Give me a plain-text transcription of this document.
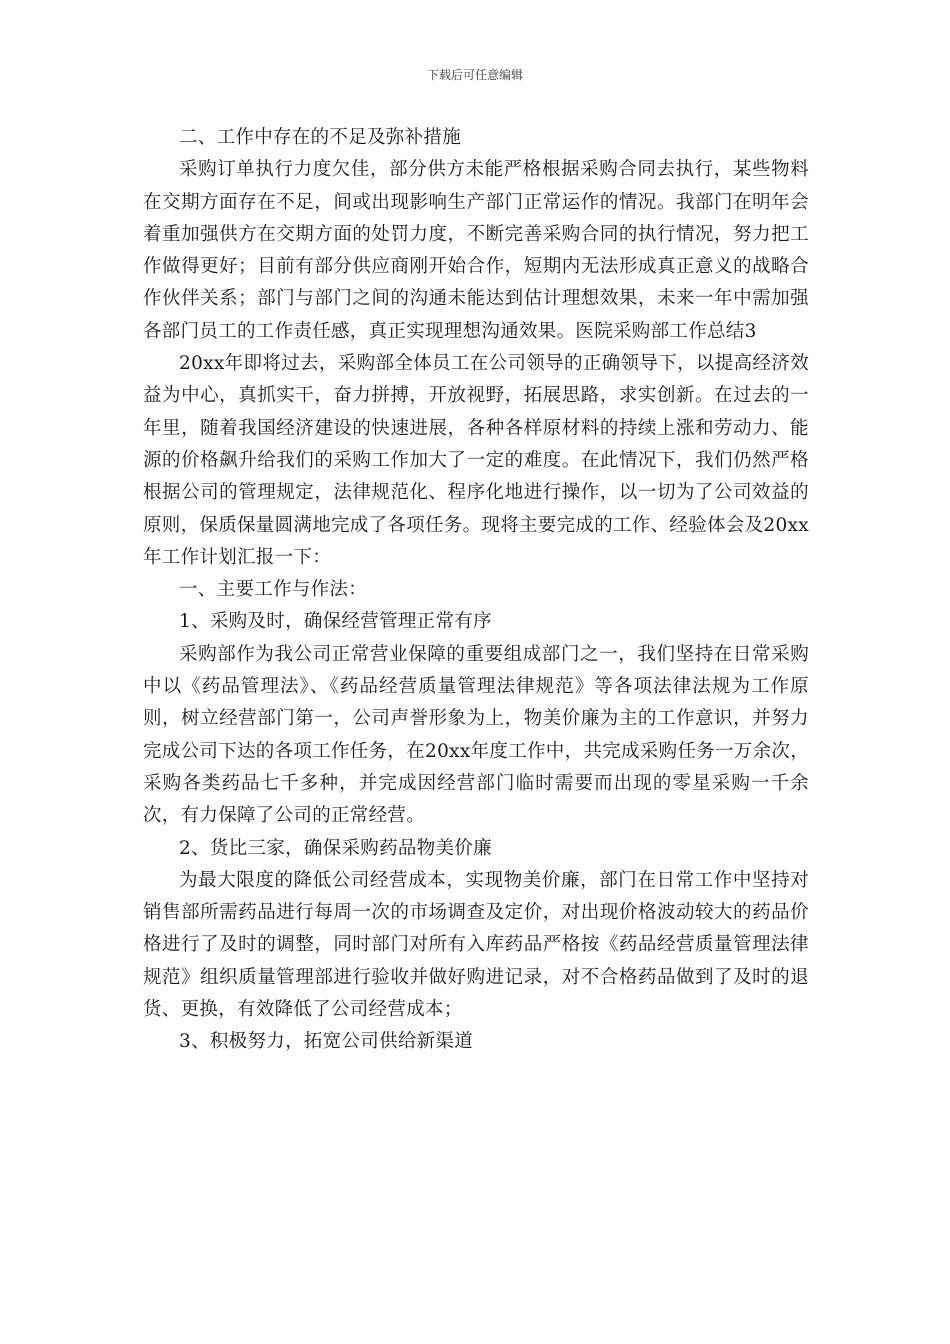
下载后可任意编辑

二、工作中存在的不足及弥补措施

采购订单执行力度欠佳，部分供方未能严格根据采购合同去执行，某些物料在交期方面存在不足，间或出现影响生产部门正常运作的情况。我部门在明年会着重加强供方在交期方面的处罚力度，不断完善采购合同的执行情况，努力把工作做得更好；目前有部分供应商刚开始合作，短期内无法形成真正意义的战略合作伙伴关系；部门与部门之间的沟通未能达到估计理想效果，未来一年中需加强各部门员工的工作责任感，真正实现理想沟通效果。医院采购部工作总结3

20xx年即将过去，采购部全体员工在公司领导的正确领导下，以提高经济效益为中心，真抓实干，奋力拼搏，开放视野，拓展思路，求实创新。在过去的一年里，随着我国经济建设的快速进展，各种各样原材料的持续上涨和劳动力、能源的价格飙升给我们的采购工作加大了一定的难度。在此情况下，我们仍然严格根据公司的管理规定，法律规范化、程序化地进行操作，以一切为了公司效益的原则，保质保量圆满地完成了各项任务。现将主要完成的工作、经验体会及20xx年工作计划汇报一下：

一、主要工作与作法：

1、采购及时，确保经营管理正常有序

采购部作为我公司正常营业保障的重要组成部门之一，我们坚持在日常采购中以《药品管理法》、《药品经营质量管理法律规范》等各项法律法规为工作原则，树立经营部门第一，公司声誉形象为上，物美价廉为主的工作意识，并努力完成公司下达的各项工作任务，在20xx年度工作中，共完成采购任务一万余次，采购各类药品七千多种，并完成因经营部门临时需要而出现的零星采购一千余次，有力保障了公司的正常经营。

2、货比三家，确保采购药品物美价廉

为最大限度的降低公司经营成本，实现物美价廉，部门在日常工作中坚持对销售部所需药品进行每周一次的市场调查及定价，对出现价格波动较大的药品价格进行了及时的调整，同时部门对所有入库药品严格按《药品经营质量管理法律规范》组织质量管理部进行验收并做好购进记录，对不合格药品做到了及时的退货、更换，有效降低了公司经营成本；

3、积极努力，拓宽公司供给新渠道
